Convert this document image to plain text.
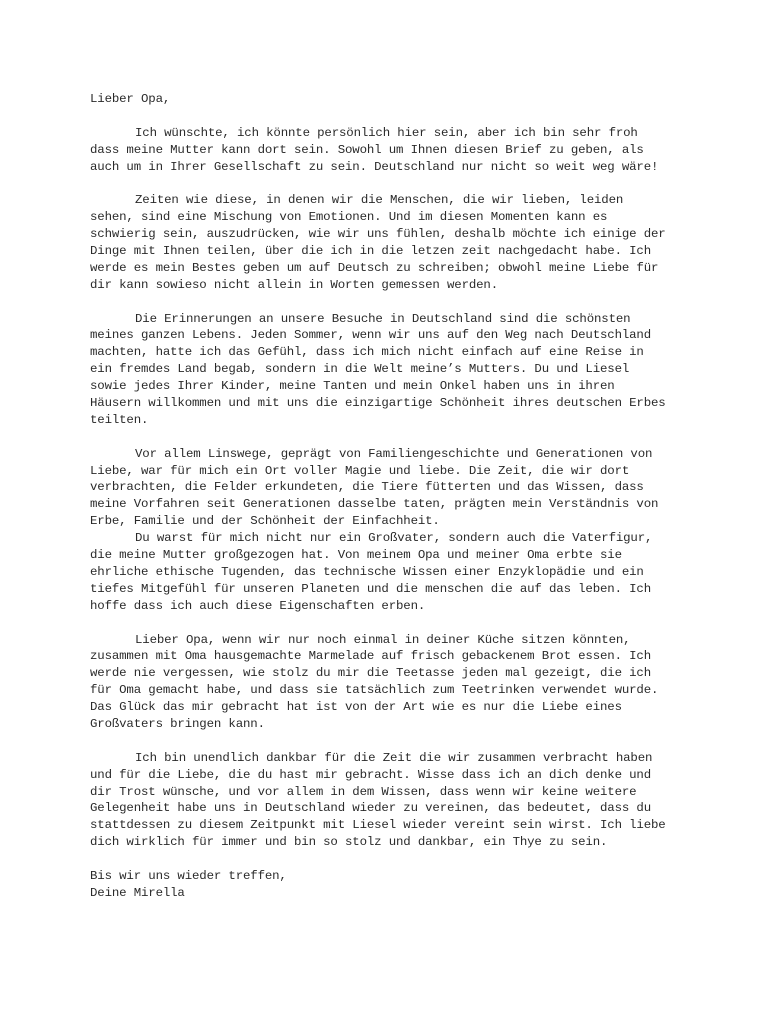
Lieber Opa,
Ich wünschte, ich könnte persönlich hier sein, aber ich bin sehr froh
dass meine Mutter kann dort sein. Sowohl um Ihnen diesen Brief zu geben, als
auch um in Ihrer Gesellschaft zu sein. Deutschland nur nicht so weit weg wäre!
Zeiten wie diese, in denen wir die Menschen, die wir lieben, leiden
sehen, sind eine Mischung von Emotionen. Und im diesen Momenten kann es
schwierig sein, auszudrücken, wie wir uns fühlen, deshalb möchte ich einige der
Dinge mit Ihnen teilen, über die ich in die letzen zeit nachgedacht habe. Ich
werde es mein Bestes geben um auf Deutsch zu schreiben; obwohl meine Liebe für
dir kann sowieso nicht allein in Worten gemessen werden.
Die Erinnerungen an unsere Besuche in Deutschland sind die schönsten
meines ganzen Lebens. Jeden Sommer, wenn wir uns auf den Weg nach Deutschland
machten, hatte ich das Gefühl, dass ich mich nicht einfach auf eine Reise in
ein fremdes Land begab, sondern in die Welt meine’s Mutters. Du und Liesel
sowie jedes Ihrer Kinder, meine Tanten und mein Onkel haben uns in ihren
Häusern willkommen und mit uns die einzigartige Schönheit ihres deutschen Erbes
teilten.
Vor allem Linswege, geprägt von Familiengeschichte und Generationen von
Liebe, war für mich ein Ort voller Magie und liebe. Die Zeit, die wir dort
verbrachten, die Felder erkundeten, die Tiere fütterten und das Wissen, dass
meine Vorfahren seit Generationen dasselbe taten, prägten mein Verständnis von
Erbe, Familie und der Schönheit der Einfachheit.
Du warst für mich nicht nur ein Großvater, sondern auch die Vaterfigur,
die meine Mutter großgezogen hat. Von meinem Opa und meiner Oma erbte sie
ehrliche ethische Tugenden, das technische Wissen einer Enzyklopädie und ein
tiefes Mitgefühl für unseren Planeten und die menschen die auf das leben. Ich
hoffe dass ich auch diese Eigenschaften erben.
Lieber Opa, wenn wir nur noch einmal in deiner Küche sitzen könnten,
zusammen mit Oma hausgemachte Marmelade auf frisch gebackenem Brot essen. Ich
werde nie vergessen, wie stolz du mir die Teetasse jeden mal gezeigt, die ich
für Oma gemacht habe, und dass sie tatsächlich zum Teetrinken verwendet wurde.
Das Glück das mir gebracht hat ist von der Art wie es nur die Liebe eines
Großvaters bringen kann.
Ich bin unendlich dankbar für die Zeit die wir zusammen verbracht haben
und für die Liebe, die du hast mir gebracht. Wisse dass ich an dich denke und
dir Trost wünsche, und vor allem in dem Wissen, dass wenn wir keine weitere
Gelegenheit habe uns in Deutschland wieder zu vereinen, das bedeutet, dass du
stattdessen zu diesem Zeitpunkt mit Liesel wieder vereint sein wirst. Ich liebe
dich wirklich für immer und bin so stolz und dankbar, ein Thye zu sein.
Bis wir uns wieder treffen,
Deine Mirella
